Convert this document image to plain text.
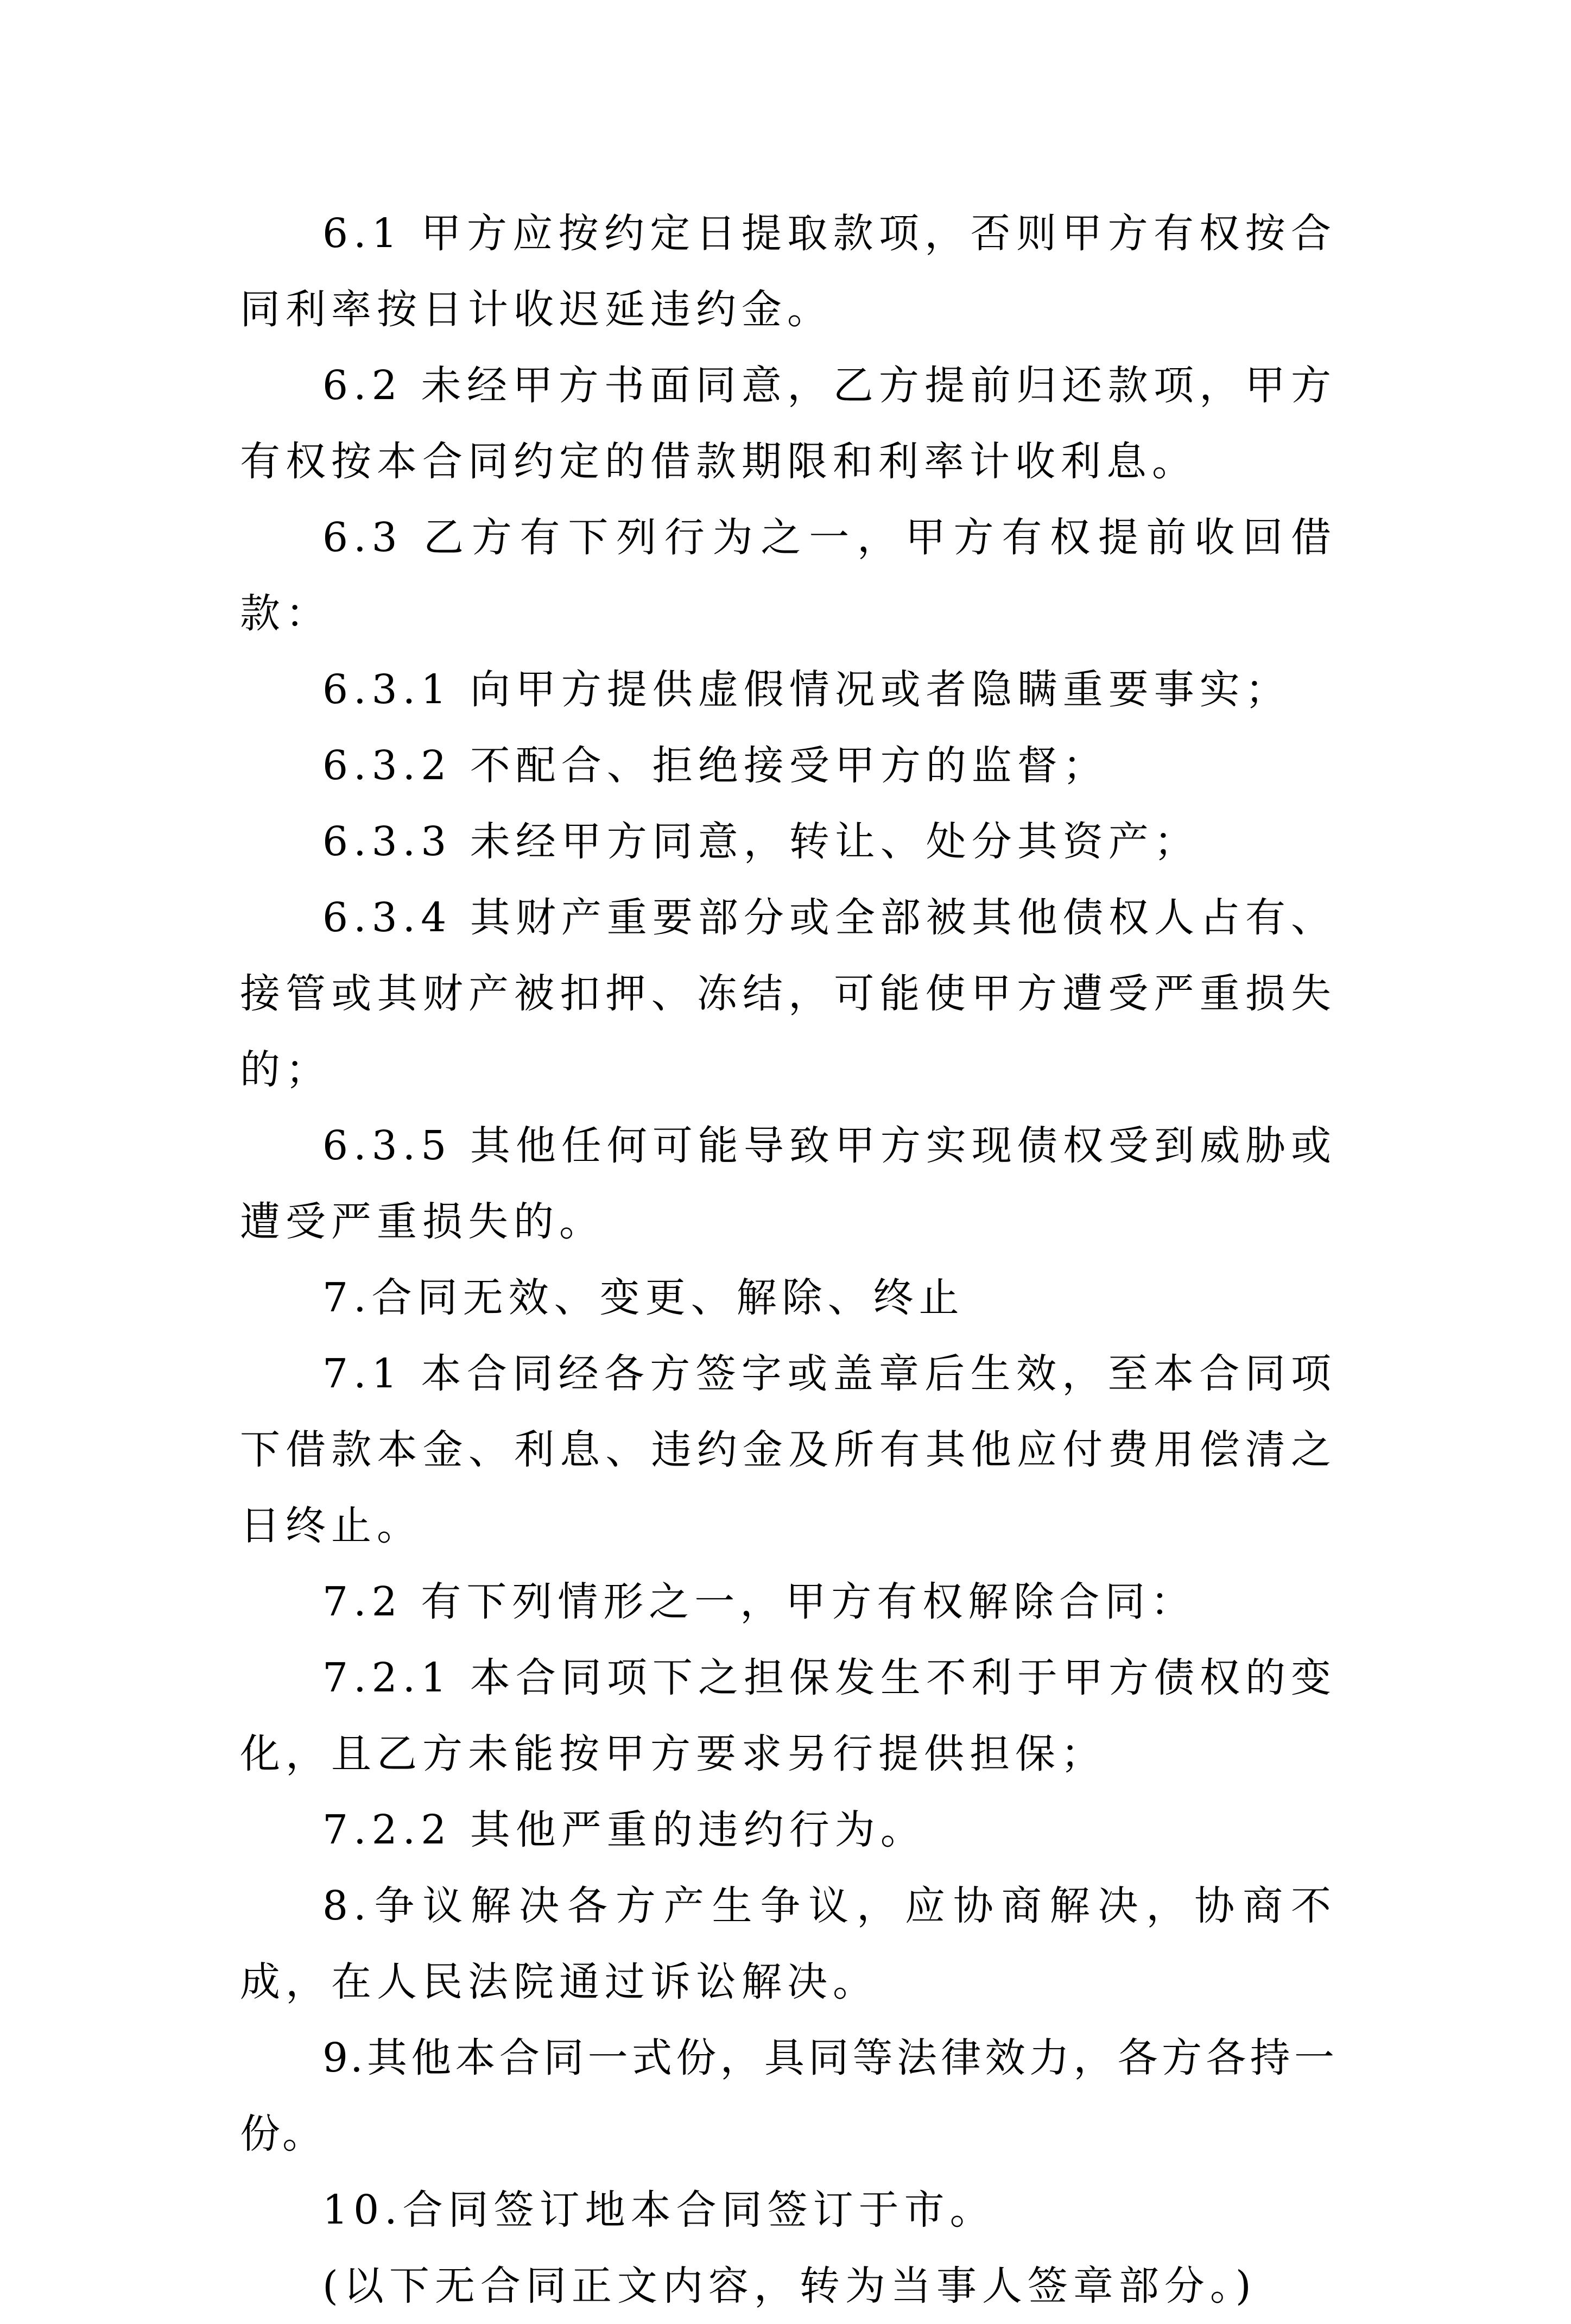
6.1 甲方应按约定日提取款项，否则甲方有权按合同利率按日计收迟延违约金。

6.2 未经甲方书面同意，乙方提前归还款项，甲方有权按本合同约定的借款期限和利率计收利息。

6.3 乙方有下列行为之一，甲方有权提前收回借款：

6.3.1 向甲方提供虚假情况或者隐瞒重要事实；

6.3.2 不配合、拒绝接受甲方的监督；

6.3.3 未经甲方同意，转让、处分其资产；

6.3.4 其财产重要部分或全部被其他债权人占有、接管或其财产被扣押、冻结，可能使甲方遭受严重损失的；

6.3.5 其他任何可能导致甲方实现债权受到威胁或遭受严重损失的。

7.合同无效、变更、解除、终止

7.1 本合同经各方签字或盖章后生效，至本合同项下借款本金、利息、违约金及所有其他应付费用偿清之日终止。

7.2 有下列情形之一，甲方有权解除合同：

7.2.1 本合同项下之担保发生不利于甲方债权的变化，且乙方未能按甲方要求另行提供担保；

7.2.2 其他严重的违约行为。

8.争议解决各方产生争议，应协商解决，协商不成，在人民法院通过诉讼解决。

9.其他本合同一式份，具同等法律效力，各方各持一份。

10.合同签订地本合同签订于市。

(以下无合同正文内容，转为当事人签章部分。)
